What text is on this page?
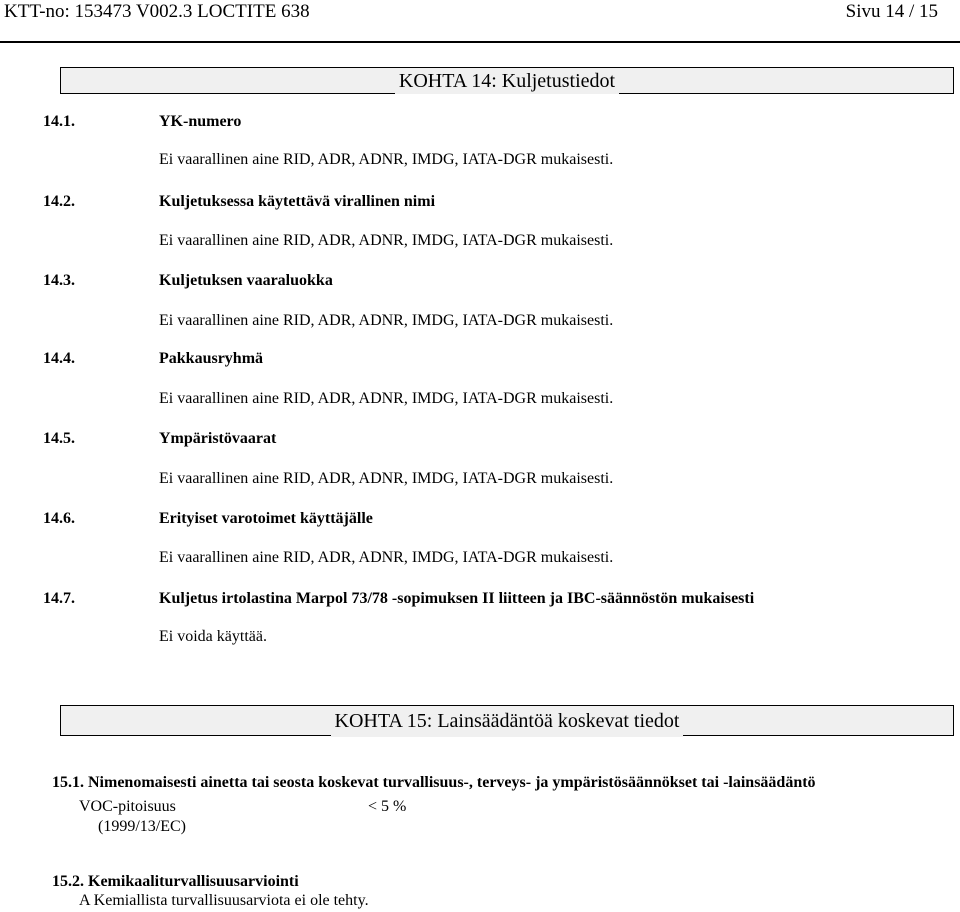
KTT-no: 153473 V002.3 LOCTITE 638	Sivu 14 / 15
KOHTA 14: Kuljetustiedot
14.1.	YK-numero
Ei vaarallinen aine RID, ADR, ADNR, IMDG, IATA-DGR mukaisesti.
14.2.	Kuljetuksessa käytettävä virallinen nimi
Ei vaarallinen aine RID, ADR, ADNR, IMDG, IATA-DGR mukaisesti.
14.3.	Kuljetuksen vaaraluokka
Ei vaarallinen aine RID, ADR, ADNR, IMDG, IATA-DGR mukaisesti.
14.4.	Pakkausryhmä
Ei vaarallinen aine RID, ADR, ADNR, IMDG, IATA-DGR mukaisesti.
14.5.	Ympäristövaarat
Ei vaarallinen aine RID, ADR, ADNR, IMDG, IATA-DGR mukaisesti.
14.6.	Erityiset varotoimet käyttäjälle
Ei vaarallinen aine RID, ADR, ADNR, IMDG, IATA-DGR mukaisesti.
14.7.	Kuljetus irtolastina Marpol 73/78 -sopimuksen II liitteen ja IBC-säännöstön mukaisesti
Ei voida käyttää.
KOHTA 15: Lainsäädäntöä koskevat tiedot
15.1. Nimenomaisesti ainetta tai seosta koskevat turvallisuus-, terveys- ja ympäristösäännökset tai -lainsäädäntö
VOC-pitoisuus	< 5 %
(1999/13/EC)
15.2. Kemikaaliturvallisuusarviointi
A Kemiallista turvallisuusarviota ei ole tehty.
